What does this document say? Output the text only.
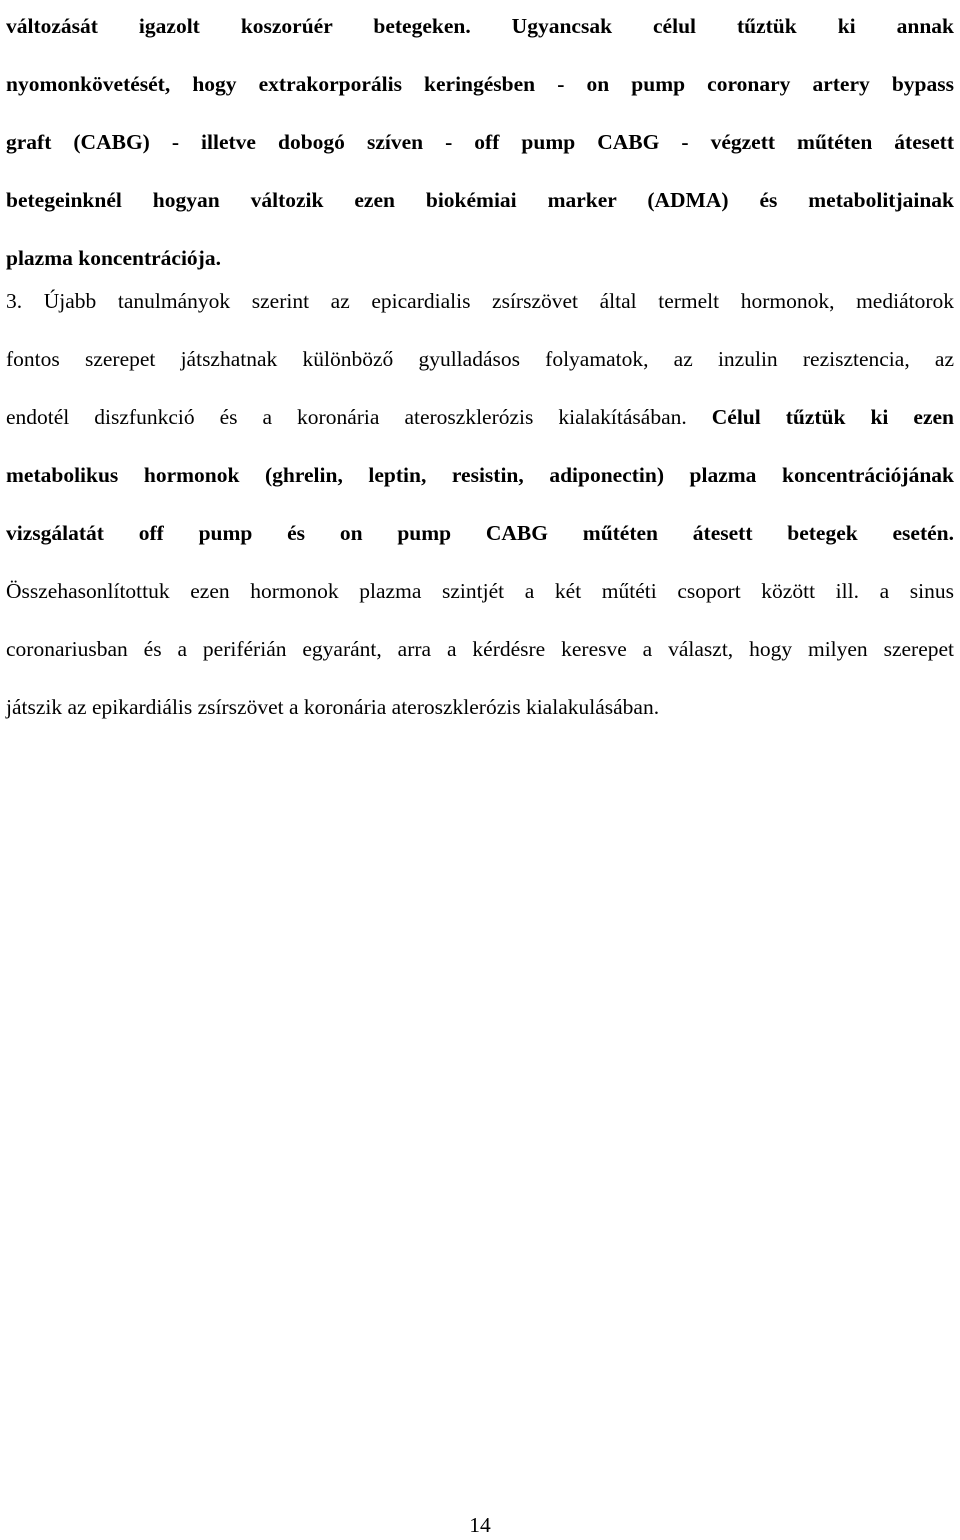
változását igazolt koszorúér betegeken. Ugyancsak célul tűztük ki annak
nyomonkövetését, hogy extrakorporális keringésben - on pump coronary artery bypass
graft (CABG) - illetve dobogó szíven - off pump CABG - végzett műtéten átesett
betegeinknél hogyan változik ezen biokémiai marker (ADMA) és metabolitjainak
plazma koncentrációja.
3. Újabb tanulmányok szerint az epicardialis zsírszövet által termelt hormonok, mediátorok
fontos szerepet játszhatnak különböző gyulladásos folyamatok, az inzulin rezisztencia, az
endotél diszfunkció és a koronária ateroszklerózis kialakításában. Célul tűztük ki ezen
metabolikus hormonok (ghrelin, leptin, resistin, adiponectin) plazma koncentrációjának
vizsgálatát off pump és on pump CABG műtéten átesett betegek esetén.
Összehasonlítottuk ezen hormonok plazma szintjét a két műtéti csoport között ill. a sinus
coronariusban és a periférián egyaránt, arra a kérdésre keresve a választ, hogy milyen szerepet
játszik az epikardiális zsírszövet a koronária ateroszklerózis kialakulásában.
14
